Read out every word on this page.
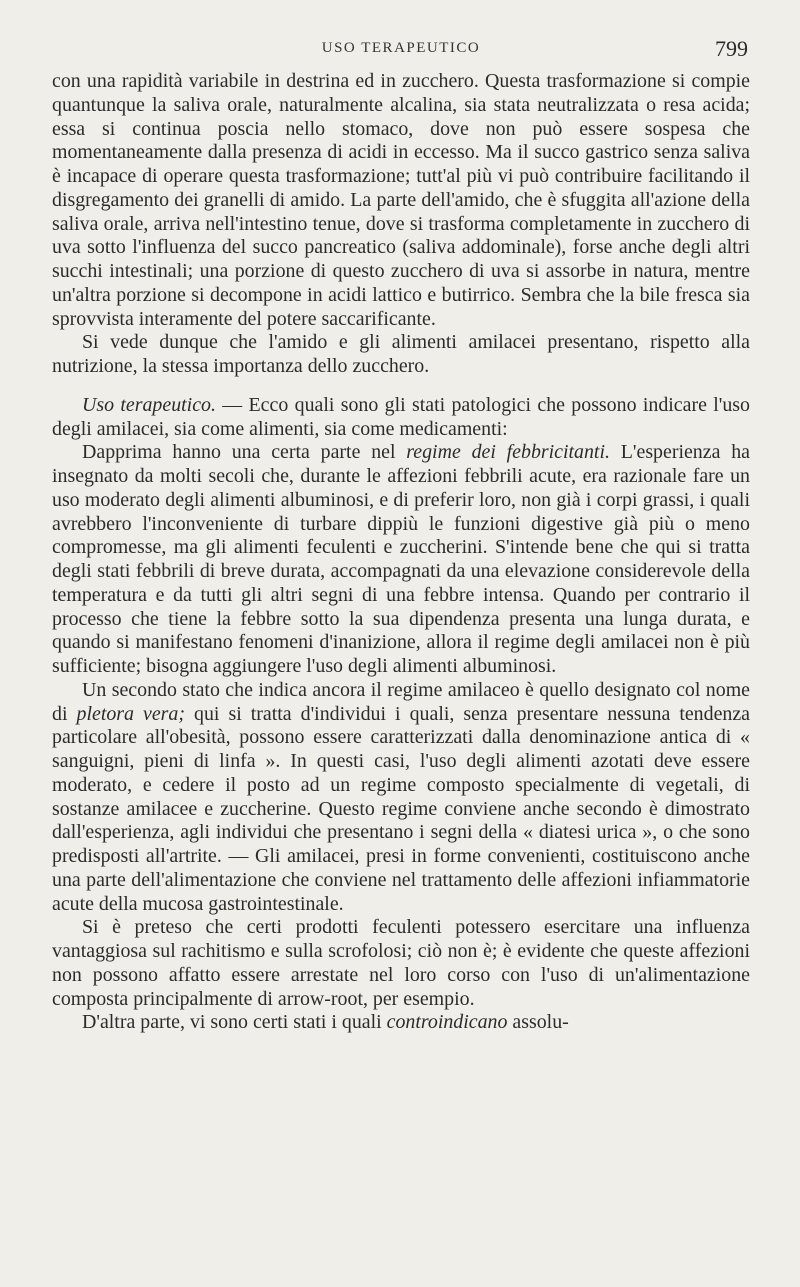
USO TERAPEUTICO	799

con una rapidità variabile in destrina ed in zucchero. Questa trasformazione si compie quantunque la saliva orale, naturalmente alcalina, sia stata neutralizzata o resa acida; essa si continua poscia nello stomaco, dove non può essere sospesa che momentaneamente dalla presenza di acidi in eccesso. Ma il succo gastrico senza saliva è incapace di operare questa trasformazione; tutt'al più vi può contribuire facilitando il disgregamento dei granelli di amido. La parte dell'amido, che è sfuggita all'azione della saliva orale, arriva nell'intestino tenue, dove si trasforma completamente in zucchero di uva sotto l'influenza del succo pancreatico (saliva addominale), forse anche degli altri succhi intestinali; una porzione di questo zucchero di uva si assorbe in natura, mentre un'altra porzione si decompone in acidi lattico e butirrico. Sembra che la bile fresca sia sprovvista interamente del potere saccarificante.

Si vede dunque che l'amido e gli alimenti amilacei presentano, rispetto alla nutrizione, la stessa importanza dello zucchero.

Uso terapeutico. — Ecco quali sono gli stati patologici che possono indicare l'uso degli amilacei, sia come alimenti, sia come medicamenti:

Dapprima hanno una certa parte nel regime dei febbricitanti. L'esperienza ha insegnato da molti secoli che, durante le affezioni febbrili acute, era razionale fare un uso moderato degli alimenti albuminosi, e di preferir loro, non già i corpi grassi, i quali avrebbero l'inconveniente di turbare dippiù le funzioni digestive già più o meno compromesse, ma gli alimenti feculenti e zuccherini. S'intende bene che qui si tratta degli stati febbrili di breve durata, accompagnati da una elevazione considerevole della temperatura e da tutti gli altri segni di una febbre intensa. Quando per contrario il processo che tiene la febbre sotto la sua dipendenza presenta una lunga durata, e quando si manifestano fenomeni d'inanizione, allora il regime degli amilacei non è più sufficiente; bisogna aggiungere l'uso degli alimenti albuminosi.

Un secondo stato che indica ancora il regime amilaceo è quello designato col nome di pletora vera; qui si tratta d'individui i quali, senza presentare nessuna tendenza particolare all'obesità, possono essere caratterizzati dalla denominazione antica di « sanguigni, pieni di linfa ». In questi casi, l'uso degli alimenti azotati deve essere moderato, e cedere il posto ad un regime composto specialmente di vegetali, di sostanze amilacee e zuccherine. Questo regime conviene anche secondo è dimostrato dall'esperienza, agli individui che presentano i segni della « diatesi urica », o che sono predisposti all'artrite. — Gli amilacei, presi in forme convenienti, costituiscono anche una parte dell'alimentazione che conviene nel trattamento delle affezioni infiammatorie acute della mucosa gastrointestinale.

Si è preteso che certi prodotti feculenti potessero esercitare una influenza vantaggiosa sul rachitismo e sulla scrofolosi; ciò non è; è evidente che queste affezioni non possono affatto essere arrestate nel loro corso con l'uso di un'alimentazione composta principalmente di arrow-root, per esempio.

D'altra parte, vi sono certi stati i quali controindicano assolu-
